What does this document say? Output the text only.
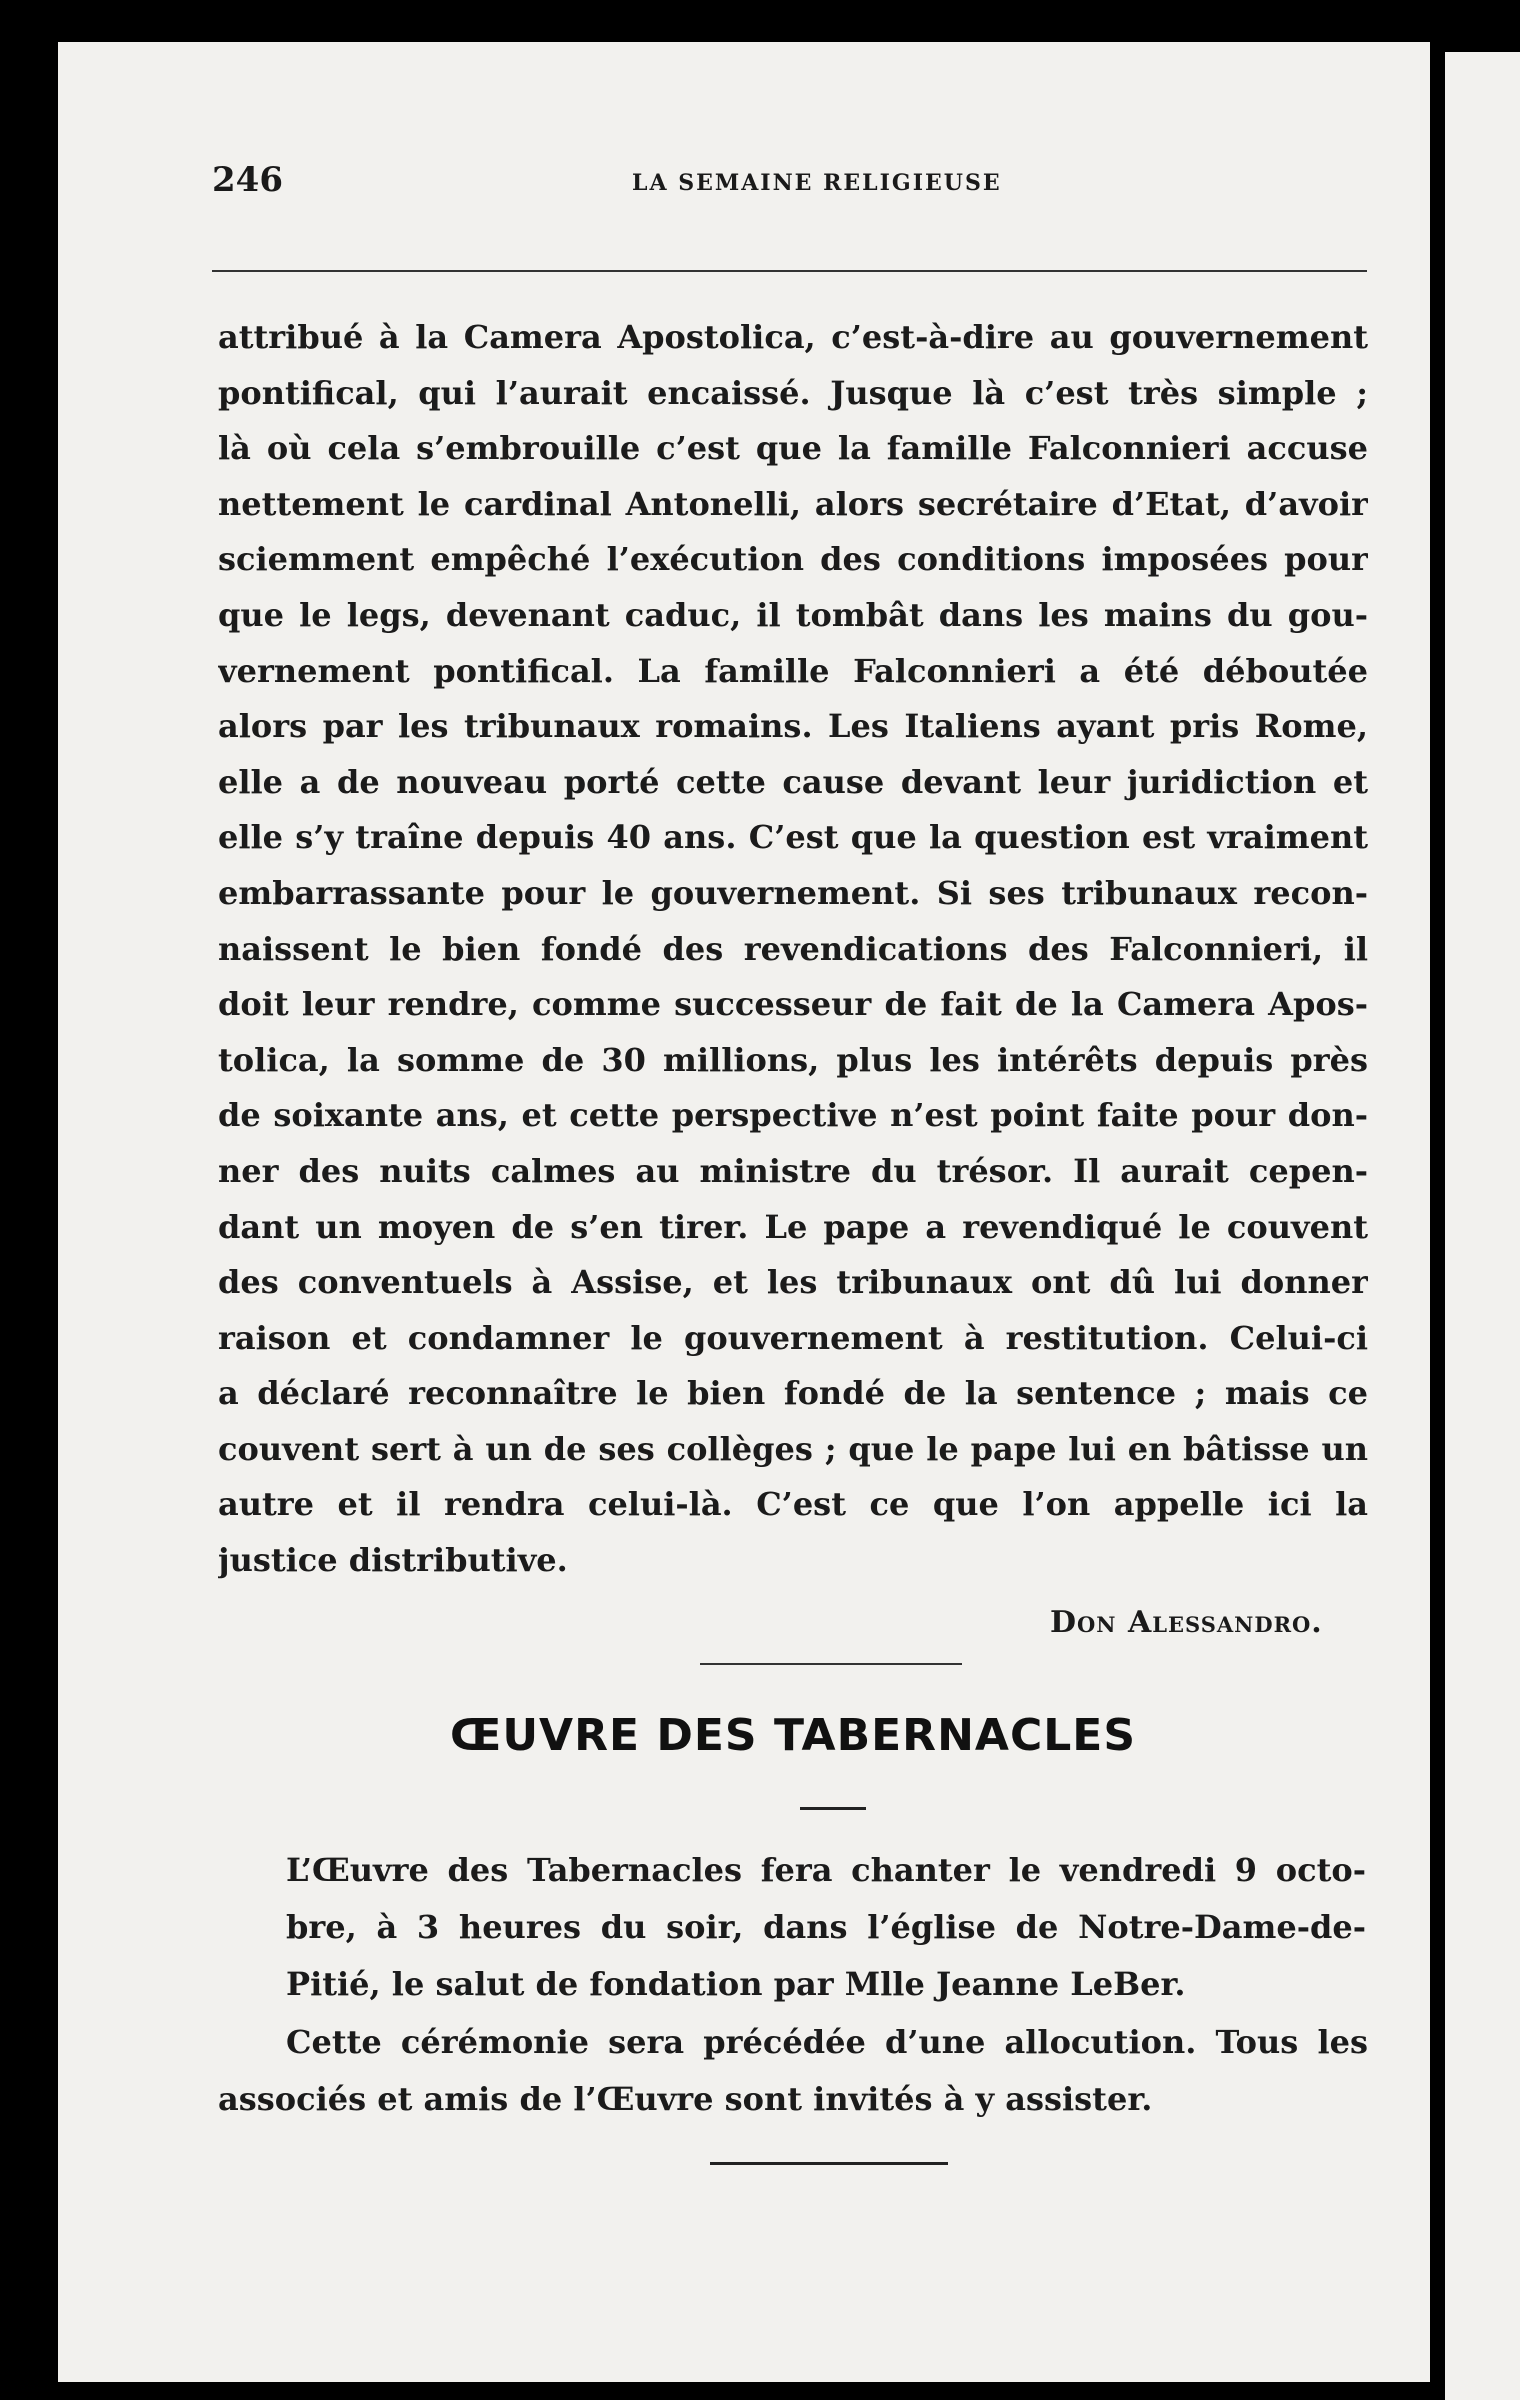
246	LA SEMAINE RELIGIEUSE
attribué à la Camera Apostolica, c’est-à-dire au gouvernement
pontifical, qui l’aurait encaissé. Jusque là c’est très simple ;
là où cela s’embrouille c’est que la famille Falconnieri accuse
nettement le cardinal Antonelli, alors secrétaire d’Etat, d’avoir
sciemment empêché l’exécution des conditions imposées pour
que le legs, devenant caduc, il tombât dans les mains du gou-
vernement pontifical. La famille Falconnieri a été déboutée
alors par les tribunaux romains. Les Italiens ayant pris Rome,
elle a de nouveau porté cette cause devant leur juridiction et
elle s’y traîne depuis 40 ans. C’est que la question est vraiment
embarrassante pour le gouvernement. Si ses tribunaux recon-
naissent le bien fondé des revendications des Falconnieri, il
doit leur rendre, comme successeur de fait de la Camera Apos-
tolica, la somme de 30 millions, plus les intérêts depuis près
de soixante ans, et cette perspective n’est point faite pour don-
ner des nuits calmes au ministre du trésor. Il aurait cepen-
dant un moyen de s’en tirer. Le pape a revendiqué le couvent
des conventuels à Assise, et les tribunaux ont dû lui donner
raison et condamner le gouvernement à restitution. Celui-ci
a déclaré reconnaître le bien fondé de la sentence ; mais ce
couvent sert à un de ses collèges ; que le pape lui en bâtisse un
autre et il rendra celui-là. C’est ce que l’on appelle ici la
justice distributive.
Don Alessandro.
ŒUVRE DES TABERNACLES
L’Œuvre des Tabernacles fera chanter le vendredi 9 octo-
bre, à 3 heures du soir, dans l’église de Notre-Dame-de-
Pitié, le salut de fondation par Mlle Jeanne LeBer.
Cette cérémonie sera précédée d’une allocution. Tous les
associés et amis de l’Œuvre sont invités à y assister.
